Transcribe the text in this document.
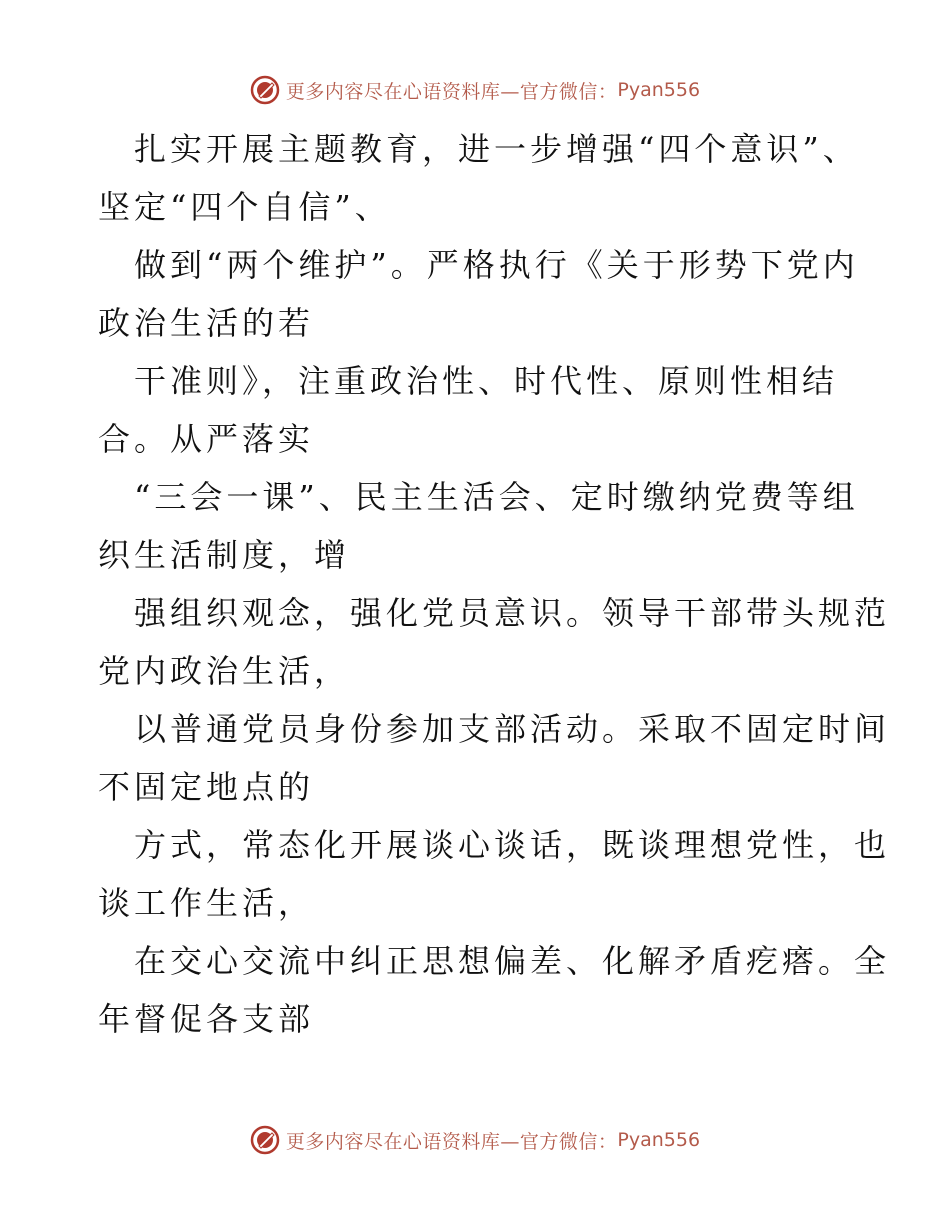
更多内容尽在心语资料库—官方微信： Pyan556

　扎实开展主题教育，进一步增强“四个意识”、

坚定“四个自信”、

　做到“两个维护”。严格执行《关于形势下党内

政治生活的若

　干准则》，注重政治性、时代性、原则性相结

合。从严落实

　“三会一课”、民主生活会、定时缴纳党费等组

织生活制度，增

　强组织观念，强化党员意识。领导干部带头规范

党内政治生活，

　以普通党员身份参加支部活动。采取不固定时间

不固定地点的

　方式，常态化开展谈心谈话，既谈理想党性，也

谈工作生活，

　在交心交流中纠正思想偏差、化解矛盾疙瘩。全

年督促各支部

更多内容尽在心语资料库—官方微信： Pyan556
